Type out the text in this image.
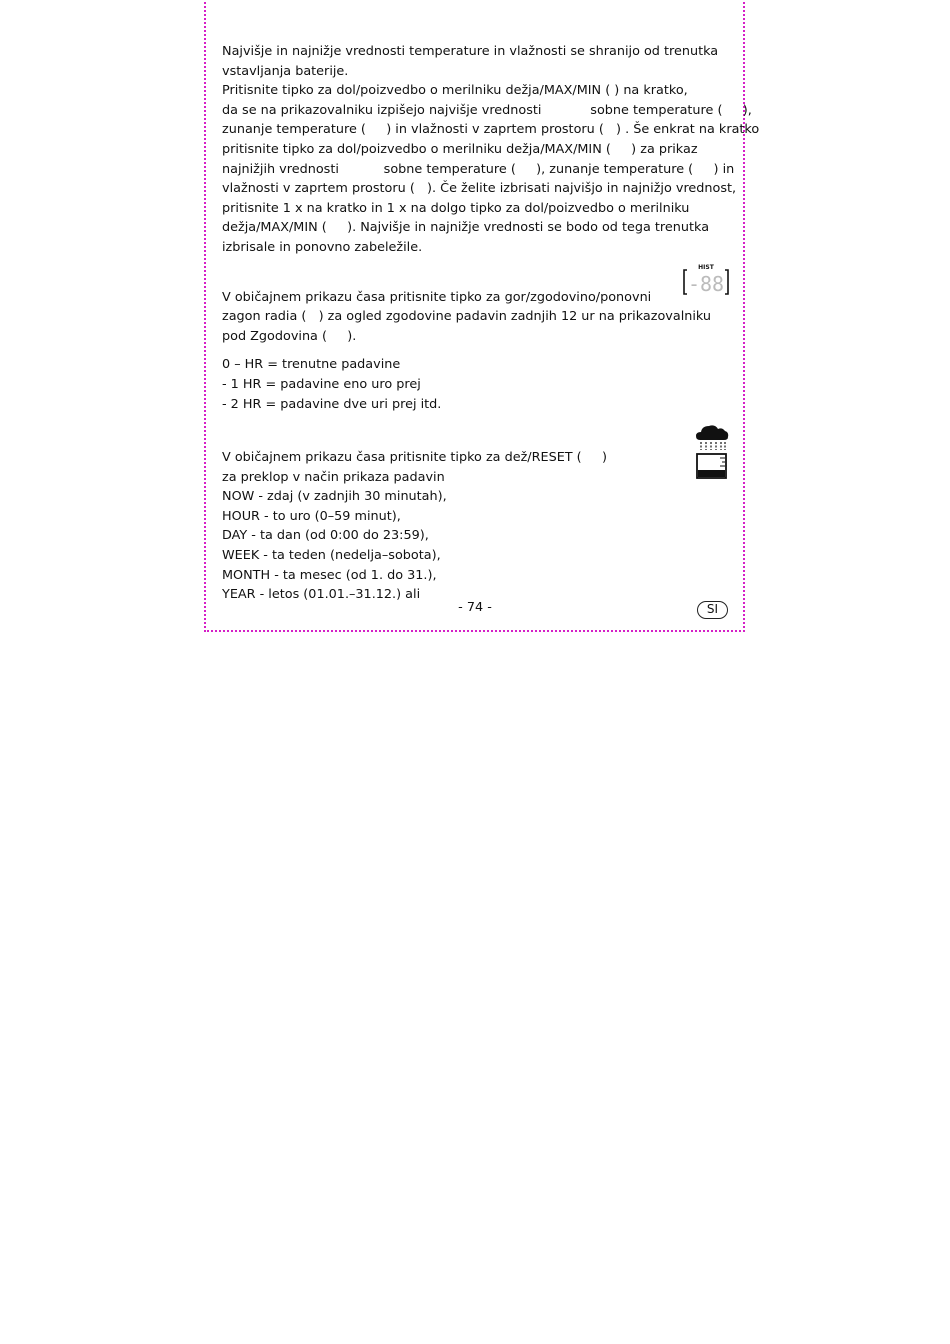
Najvišje in najnižje vrednosti temperature in vlažnosti se shranijo od trenutka

vstavljanja baterije.

Pritisnite tipko za dol/poizvedbo o merilniku dežja/MAX/MIN ( ) na kratko,

da se na prikazovalniku izpišejo najvišje vrednosti            sobne temperature (     ),

zunanje temperature (     ) in vlažnosti v zaprtem prostoru (   ) . Še enkrat na kratko

pritisnite tipko za dol/poizvedbo o merilniku dežja/MAX/MIN (     ) za prikaz

najnižjih vrednosti           sobne temperature (     ), zunanje temperature (     ) in

vlažnosti v zaprtem prostoru (   ). Če želite izbrisati najvišjo in najnižjo vrednost,

pritisnite 1 x na kratko in 1 x na dolgo tipko za dol/poizvedbo o merilniku

dežja/MAX/MIN (     ). Najvišje in najnižje vrednosti se bodo od tega trenutka

izbrisale in ponovno zabeležile.

V običajnem prikazu časa pritisnite tipko za gor/zgodovino/ponovni

zagon radia (   ) za ogled zgodovine padavin zadnjih 12 ur na prikazovalniku

pod Zgodovina (     ).

0 – HR = trenutne padavine

- 1 HR = padavine eno uro prej

- 2 HR = padavine dve uri prej itd.

V običajnem prikazu časa pritisnite tipko za dež/RESET (     )

za preklop v način prikaza padavin

NOW - zdaj (v zadnjih 30 minutah),

HOUR - to uro (0–59 minut),

DAY - ta dan (od 0:00 do 23:59),

WEEK - ta teden (nedelja–sobota),

MONTH - ta mesec (od 1. do 31.),

YEAR - letos (01.01.–31.12.) ali

HIST
-88
- 74 -	SI
